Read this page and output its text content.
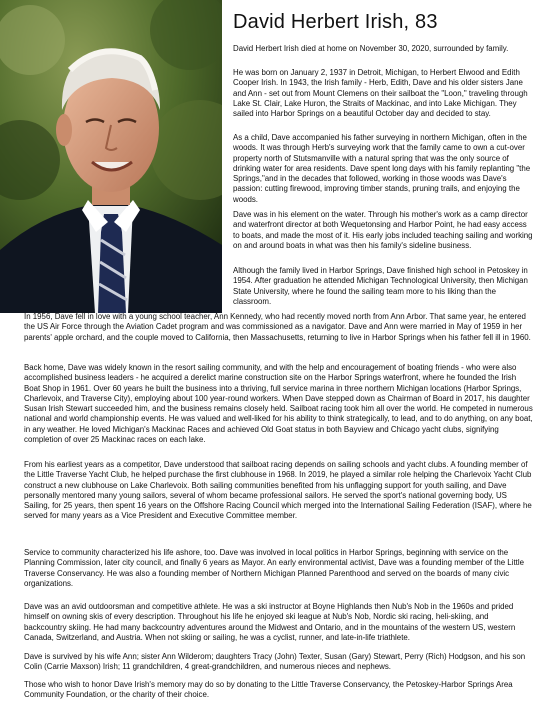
David Herbert Irish, 83

David Herbert Irish died at home on November 30, 2020, surrounded by family.

He was born on January 2, 1937 in Detroit, Michigan, to Herbert Elwood and Edith Cooper Irish. In 1943, the Irish family - Herb, Edith, Dave and his older sisters Jane and Ann - set out from Mount Clemens on their sailboat the "Loon," traveling through Lake St. Clair, Lake Huron, the Straits of Mackinac, and into Lake Michigan. They sailed into Harbor Springs on a beautiful October day and decided to stay.

As a child, Dave accompanied his father surveying in northern Michigan, often in the woods. It was through Herb's surveying work that the family came to own a cut-over property north of Stutsmanville with a natural spring that was the only source of drinking water for area residents. Dave spent long days with his family replanting "the Springs,"and in the decades that followed, working in those woods was Dave's passion: cutting firewood, improving timber stands, pruning trails, and enjoying the woods.

Dave was in his element on the water. Through his mother's work as a camp director and waterfront director at both Wequetonsing and Harbor Point, he had easy access to boats, and made the most of it. His early jobs included teaching sailing and working on and around boats in what was then his family's sideline business.

Although the family lived in Harbor Springs, Dave finished high school in Petoskey in 1954. After graduation he attended Michigan Technological University, then Michigan State University, where he found the sailing team more to his liking than the classroom.

In 1956, Dave fell in love with a young school teacher, Ann Kennedy, who had recently moved north from Ann Arbor. That same year, he entered the US Air Force through the Aviation Cadet program and was commissioned as a navigator. Dave and Ann were married in May of 1959 in her parents' apple orchard, and the couple moved to California, then Massachusetts, returning to live in Harbor Springs when his father fell ill in 1960.

Back home, Dave was widely known in the resort sailing community, and with the help and encouragement of boating friends - who were also accomplished business leaders - he acquired a derelict marine construction site on the Harbor Springs waterfront, where he founded the Irish Boat Shop in 1961. Over 60 years he built the business into a thriving, full service marina in three northern Michigan locations (Harbor Springs, Charlevoix, and Traverse City), employing about 100 year-round workers. When Dave stepped down as Chairman of Board in 2017, his daughter Susan Irish Stewart succeeded him, and the business remains closely held. Sailboat racing took him all over the world. He competed in numerous national and world championship events. He was valued and well-liked for his ability to think strategically, to lead, and to do anything, on any boat, in any weather. He loved Michigan's Mackinac Races and achieved Old Goat status in both Bayview and Chicago yacht clubs, signifying completion of over 25 Mackinac races on each lake.

From his earliest years as a competitor, Dave understood that sailboat racing depends on sailing schools and yacht clubs. A founding member of the Little Traverse Yacht Club, he helped purchase the first clubhouse in 1968. In 2019, he played a similar role helping the Charlevoix Yacht Club construct a new clubhouse on Lake Charlevoix. Both sailing communities benefited from his unflagging support for youth sailing, and Dave personally mentored many young sailors, several of whom became professional sailors. He served the sport's national governing body, US Sailing, for 25 years, then spent 16 years on the Offshore Racing Council which merged into the International Sailing Federation (ISAF), where he served for many years as a Vice President and Executive Committee member.

Service to community characterized his life ashore, too. Dave was involved in local politics in Harbor Springs, beginning with service on the Planning Commission, later city council, and finally 6 years as Mayor. An early environmental activist, Dave was a founding member of the Little Traverse Conservancy. He was also a founding member of Northern Michigan Planned Parenthood and served on the boards of many civic organizations.

Dave was an avid outdoorsman and competitive athlete. He was a ski instructor at Boyne Highlands then Nub's Nob in the 1960s and prided himself on owning skis of every description. Throughout his life he enjoyed ski league at Nub's Nob, Nordic ski racing, heli-skiing, and backcountry skiing. He had many backcountry adventures around the Midwest and Ontario, and in the mountains of the western US, western Canada, Switzerland, and Austria. When not skiing or sailing, he was a cyclist, runner, and late-in-life triathlete.

Dave is survived by his wife Ann; sister Ann Wilderom; daughters Tracy (John) Texter, Susan (Gary) Stewart, Perry (Rich) Hodgson, and his son Colin (Carrie Maxson) Irish; 11 grandchildren, 4 great-grandchildren, and numerous nieces and nephews.

Those who wish to honor Dave Irish's memory may do so by donating to the Little Traverse Conservancy, the Petoskey-Harbor Springs Area Community Foundation, or the charity of their choice.
